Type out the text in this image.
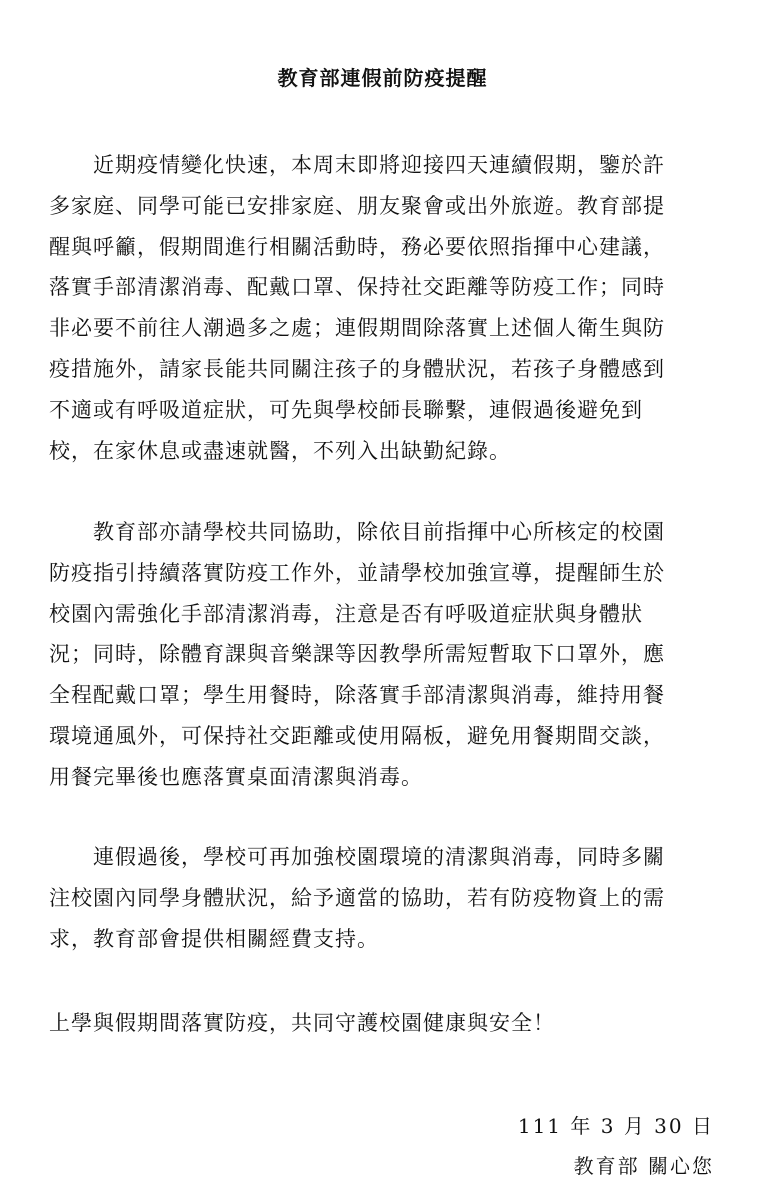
教育部連假前防疫提醒
近期疫情變化快速，本周末即將迎接四天連續假期，鑒於許
多家庭、同學可能已安排家庭、朋友聚會或出外旅遊。教育部提
醒與呼籲，假期間進行相關活動時，務必要依照指揮中心建議，
落實手部清潔消毒、配戴口罩、保持社交距離等防疫工作；同時
非必要不前往人潮過多之處；連假期間除落實上述個人衛生與防
疫措施外，請家長能共同關注孩子的身體狀況，若孩子身體感到
不適或有呼吸道症狀，可先與學校師長聯繫，連假過後避免到
校，在家休息或盡速就醫，不列入出缺勤紀錄。
教育部亦請學校共同協助，除依目前指揮中心所核定的校園
防疫指引持續落實防疫工作外，並請學校加強宣導，提醒師生於
校園內需強化手部清潔消毒，注意是否有呼吸道症狀與身體狀
況；同時，除體育課與音樂課等因教學所需短暫取下口罩外，應
全程配戴口罩；學生用餐時，除落實手部清潔與消毒，維持用餐
環境通風外，可保持社交距離或使用隔板，避免用餐期間交談，
用餐完畢後也應落實桌面清潔與消毒。
連假過後，學校可再加強校園環境的清潔與消毒，同時多關
注校園內同學身體狀況，給予適當的協助，若有防疫物資上的需
求，教育部會提供相關經費支持。
上學與假期間落實防疫，共同守護校園健康與安全！
111 年 3 月 30 日
教育部 關心您
